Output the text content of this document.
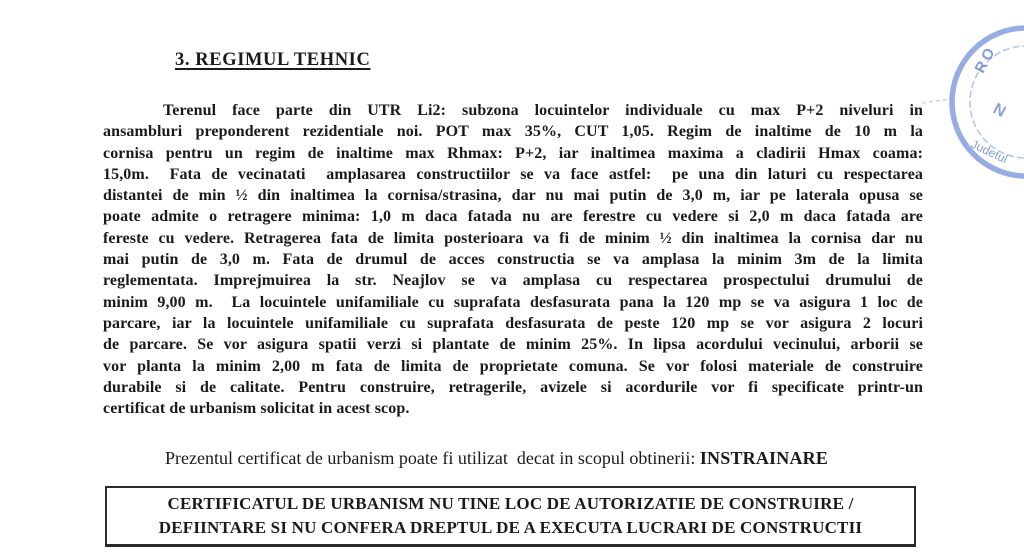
3. REGIMUL TEHNIC
Terenul face parte din UTR Li2: subzona locuintelor individuale cu max P+2 niveluri in
ansambluri preponderent rezidentiale noi. POT max 35%, CUT 1,05. Regim de inaltime de 10 m la
cornisa pentru un regim de inaltime max Rhmax: P+2, iar inaltimea maxima a cladirii Hmax coama:
15,0m.  Fata de vecinatati  amplasarea constructiilor se va face astfel:  pe una din laturi cu respectarea
distantei de min ½ din inaltimea la cornisa/strasina, dar nu mai putin de 3,0 m, iar pe laterala opusa se
poate admite o retragere minima: 1,0 m daca fatada nu are ferestre cu vedere si 2,0 m daca fatada are
fereste cu vedere. Retragerea fata de limita posterioara va fi de minim ½ din inaltimea la cornisa dar nu
mai putin de 3,0 m. Fata de drumul de acces constructia se va amplasa la minim 3m de la limita
reglementata. Imprejmuirea la str. Neajlov se va amplasa cu respectarea prospectului drumului de
minim 9,00 m.  La locuintele unifamiliale cu suprafata desfasurata pana la 120 mp se va asigura 1 loc de
parcare, iar la locuintele unifamiliale cu suprafata desfasurata de peste 120 mp se vor asigura 2 locuri
de parcare. Se vor asigura spatii verzi si plantate de minim 25%. In lipsa acordului vecinului, arborii se
vor planta la minim 2,00 m fata de limita de proprietate comuna. Se vor folosi materiale de construire
durabile si de calitate. Pentru construire, retragerile, avizele si acordurile vor fi specificate printr-un
certificat de urbanism solicitat in acest scop.
Prezentul certificat de urbanism poate fi utilizat  decat in scopul obtinerii: INSTRAINARE
CERTIFICATUL DE URBANISM NU TINE LOC DE AUTORIZATIE DE CONSTRUIRE /
DEFIINTARE SI NU CONFERA DREPTUL DE A EXECUTA LUCRARI DE CONSTRUCTII
RO
N
Judetul
